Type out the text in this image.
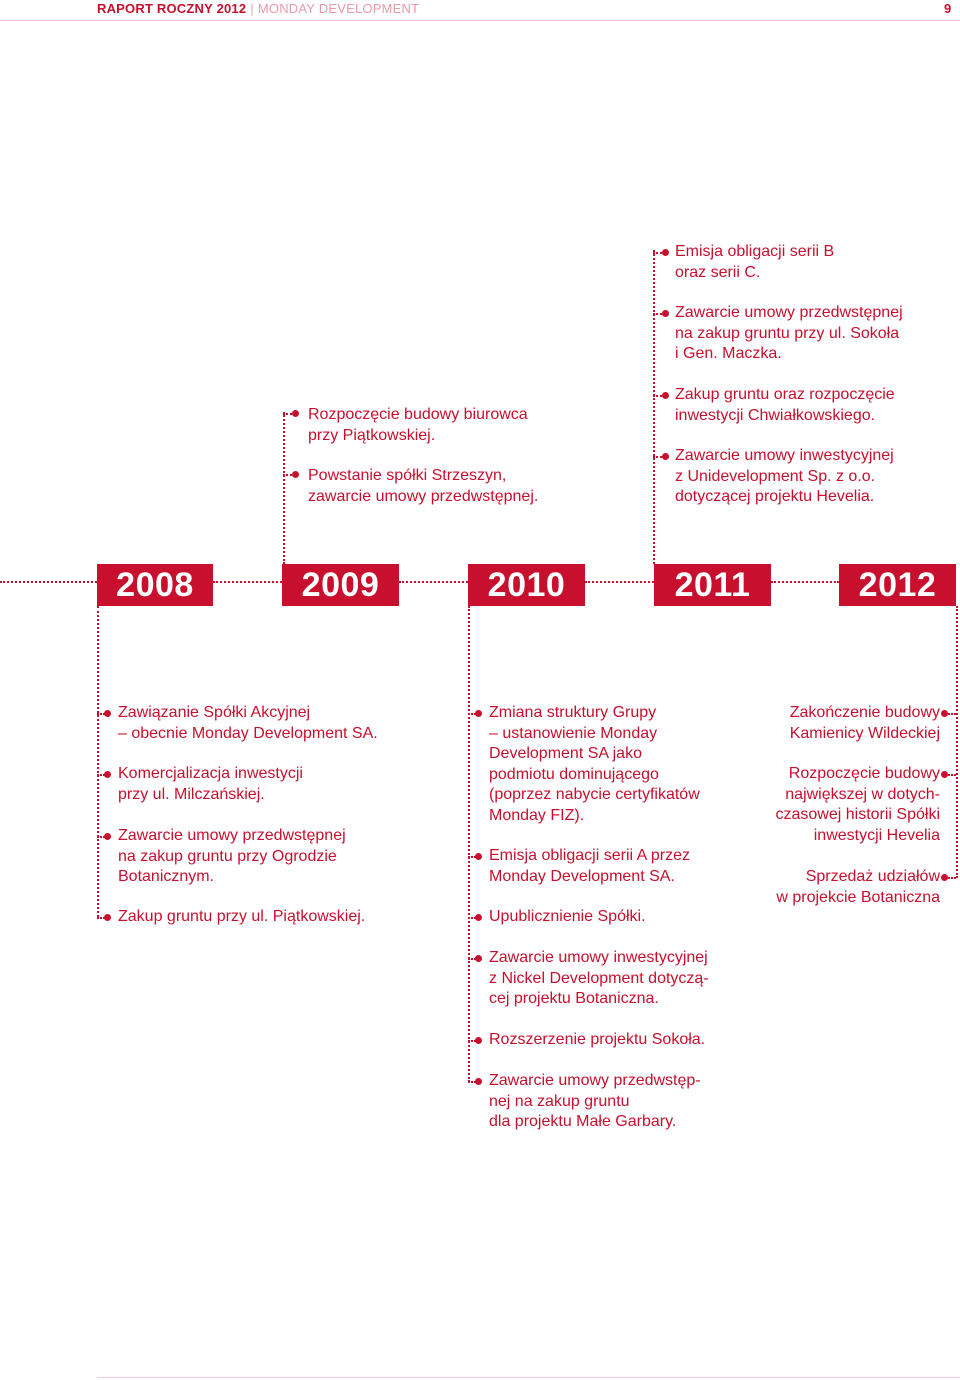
RAPORT ROCZNY 2012 | MONDAY DEVELOPMENT	9
2008	2009	2010	2011	2012
Rozpoczęcie budowy biurowca
przy Piątkowskiej.
Powstanie spółki Strzeszyn,
zawarcie umowy przedwstępnej.
Emisja obligacji serii B
oraz serii C.
Zawarcie umowy przedwstępnej
na zakup gruntu przy ul. Sokoła
i Gen. Maczka.
Zakup gruntu oraz rozpoczęcie
inwestycji Chwiałkowskiego.
Zawarcie umowy inwestycyjnej
z Unidevelopment Sp. z o.o.
dotyczącej projektu Hevelia.
Zawiązanie Spółki Akcyjnej
– obecnie Monday Development SA.
Komercjalizacja inwestycji
przy ul. Milczańskiej.
Zawarcie umowy przedwstępnej
na zakup gruntu przy Ogrodzie
Botanicznym.
Zakup gruntu przy ul. Piątkowskiej.
Zmiana struktury Grupy
– ustanowienie Monday
Development SA jako
podmiotu dominującego
(poprzez nabycie certyfikatów
Monday FIZ).
Emisja obligacji serii A przez
Monday Development SA.
Upublicznienie Spółki.
Zawarcie umowy inwestycyjnej
z Nickel Development dotyczą-
cej projektu Botaniczna.
Rozszerzenie projektu Sokoła.
Zawarcie umowy przedwstęp-
nej na zakup gruntu
dla projektu Małe Garbary.
Zakończenie budowy
Kamienicy Wildeckiej
Rozpoczęcie budowy
największej w dotych-
czasowej historii Spółki
inwestycji Hevelia
Sprzedaż udziałów
w projekcie Botaniczna
